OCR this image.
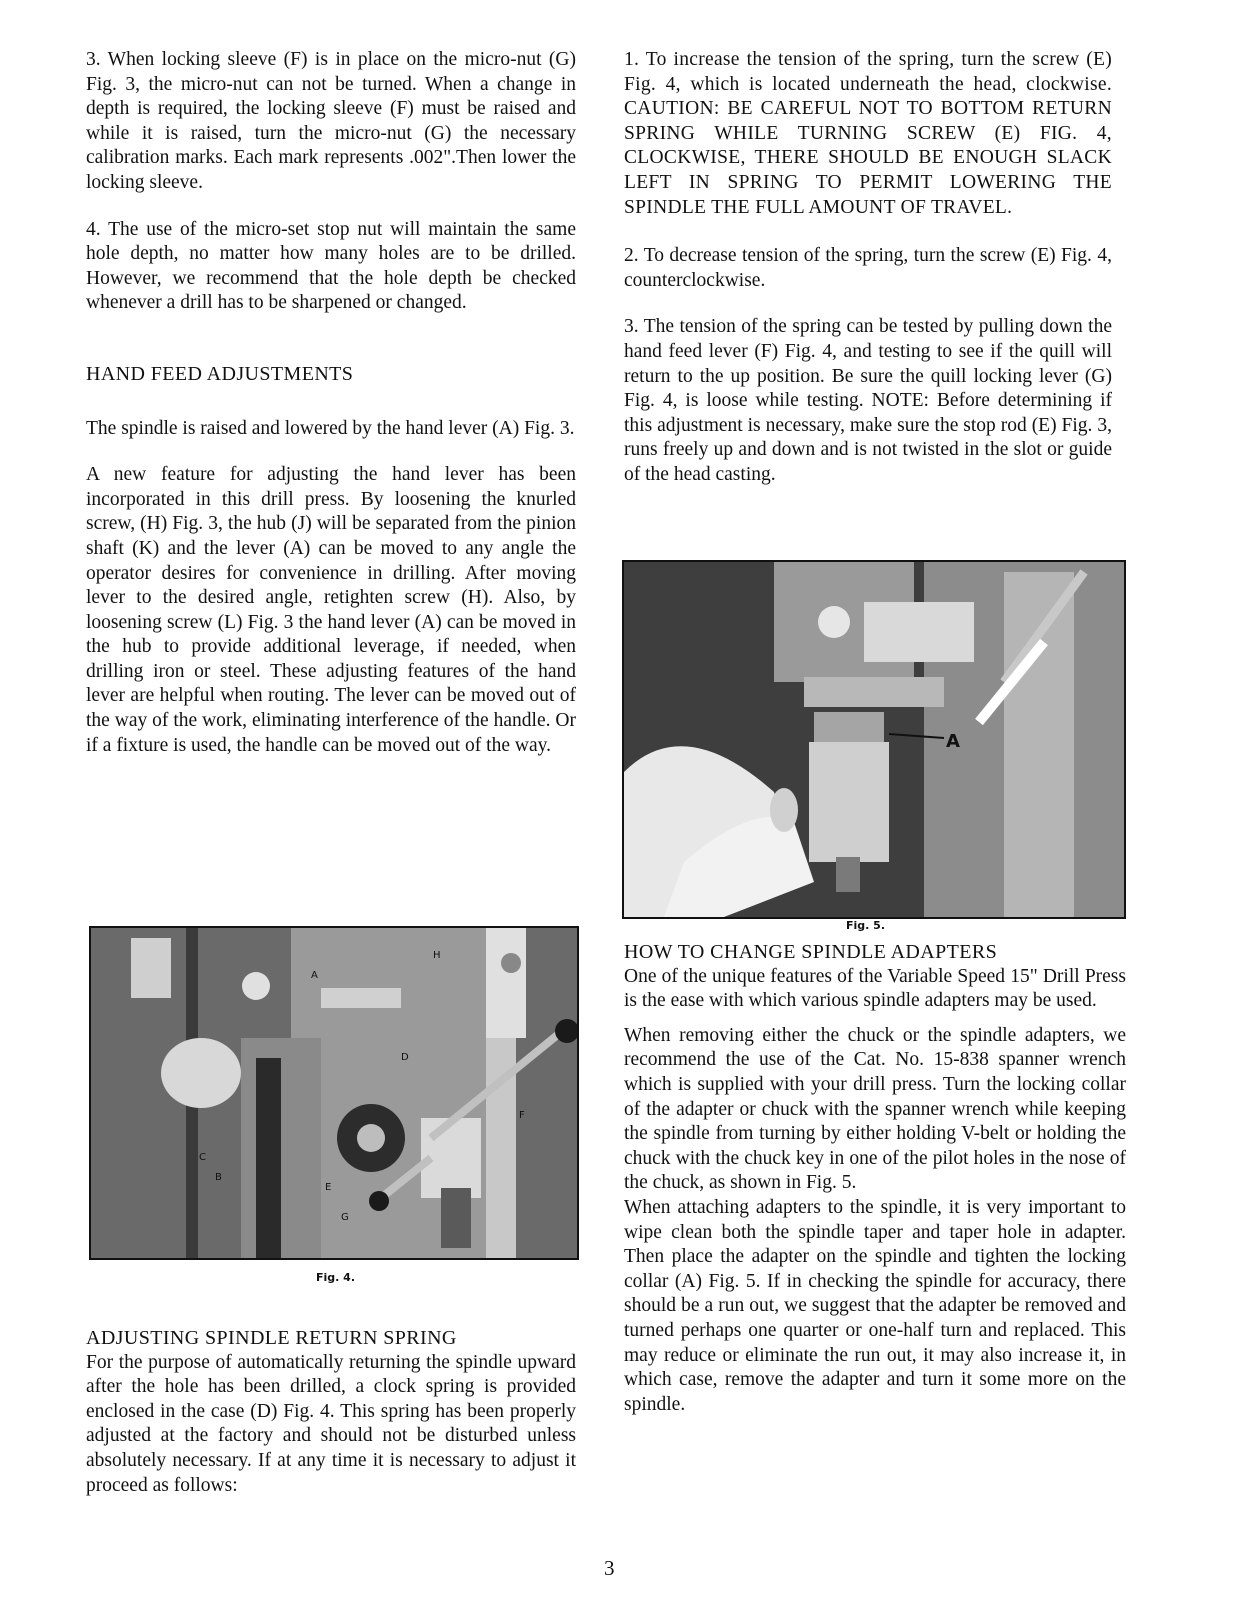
3. When locking sleeve (F) is in place on the micro-nut (G) Fig. 3, the micro-nut can not be turned. When a change in depth is required, the locking sleeve (F) must be raised and while it is raised, turn the micro-nut (G) the necessary calibration marks. Each mark represents .002".Then lower the locking sleeve.

4. The use of the micro-set stop nut will maintain the same hole depth, no matter how many holes are to be drilled. However, we recommend that the hole depth be checked whenever a drill has to be sharpened or changed.

HAND FEED ADJUSTMENTS

The spindle is raised and lowered by the hand lever (A) Fig. 3.

A new feature for adjusting the hand lever has been incorporated in this drill press. By loosening the knurled screw, (H) Fig. 3, the hub (J) will be separated from the pinion shaft (K) and the lever (A) can be moved to any angle the operator desires for convenience in drilling. After moving lever to the desired angle, retighten screw (H). Also, by loosening screw (L) Fig. 3 the hand lever (A) can be moved in the hub to provide additional leverage, if needed, when drilling iron or steel. These adjusting features of the hand lever are helpful when routing. The lever can be moved out of the way of the work, eliminating interference of the handle. Or if a fixture is used, the handle can be moved out of the way.

A
H
D
C
B
E
G
F
Fig. 4.

ADJUSTING SPINDLE RETURN SPRING

For the purpose of automatically returning the spindle upward after the hole has been drilled, a clock spring is provided enclosed in the case (D) Fig. 4. This spring has been properly adjusted at the factory and should not be disturbed unless absolutely necessary. If at any time it is necessary to adjust it proceed as follows:

1. To increase the tension of the spring, turn the screw (E) Fig. 4, which is located underneath the head, clockwise. CAUTION: BE CAREFUL NOT TO BOTTOM RETURN SPRING WHILE TURNING SCREW (E) FIG. 4, CLOCKWISE, THERE SHOULD BE ENOUGH SLACK LEFT IN SPRING TO PERMIT LOWERING THE SPINDLE THE FULL AMOUNT OF TRAVEL.

2. To decrease tension of the spring, turn the screw (E) Fig. 4, counterclockwise.

3. The tension of the spring can be tested by pulling down the hand feed lever (F) Fig. 4, and testing to see if the quill will return to the up position. Be sure the quill locking lever (G) Fig. 4, is loose while testing. NOTE: Before determining if this adjustment is necessary, make sure the stop rod (E) Fig. 3, runs freely up and down and is not twisted in the slot or guide of the head casting.

A
Fig. 5.

HOW TO CHANGE SPINDLE ADAPTERS

One of the unique features of the Variable Speed 15" Drill Press is the ease with which various spindle adapters may be used.

When removing either the chuck or the spindle adapters, we recommend the use of the Cat. No. 15-838 spanner wrench which is supplied with your drill press. Turn the locking collar of the adapter or chuck with the spanner wrench while keeping the spindle from turning by either holding V-belt or holding the chuck with the chuck key in one of the pilot holes in the nose of the chuck, as shown in Fig. 5.

When attaching adapters to the spindle, it is very important to wipe clean both the spindle taper and taper hole in adapter. Then place the adapter on the spindle and tighten the locking collar (A) Fig. 5. If in checking the spindle for accuracy, there should be a run out, we suggest that the adapter be removed and turned perhaps one quarter or one-half turn and replaced. This may reduce or eliminate the run out, it may also increase it, in which case, remove the adapter and turn it some more on the spindle.

3
